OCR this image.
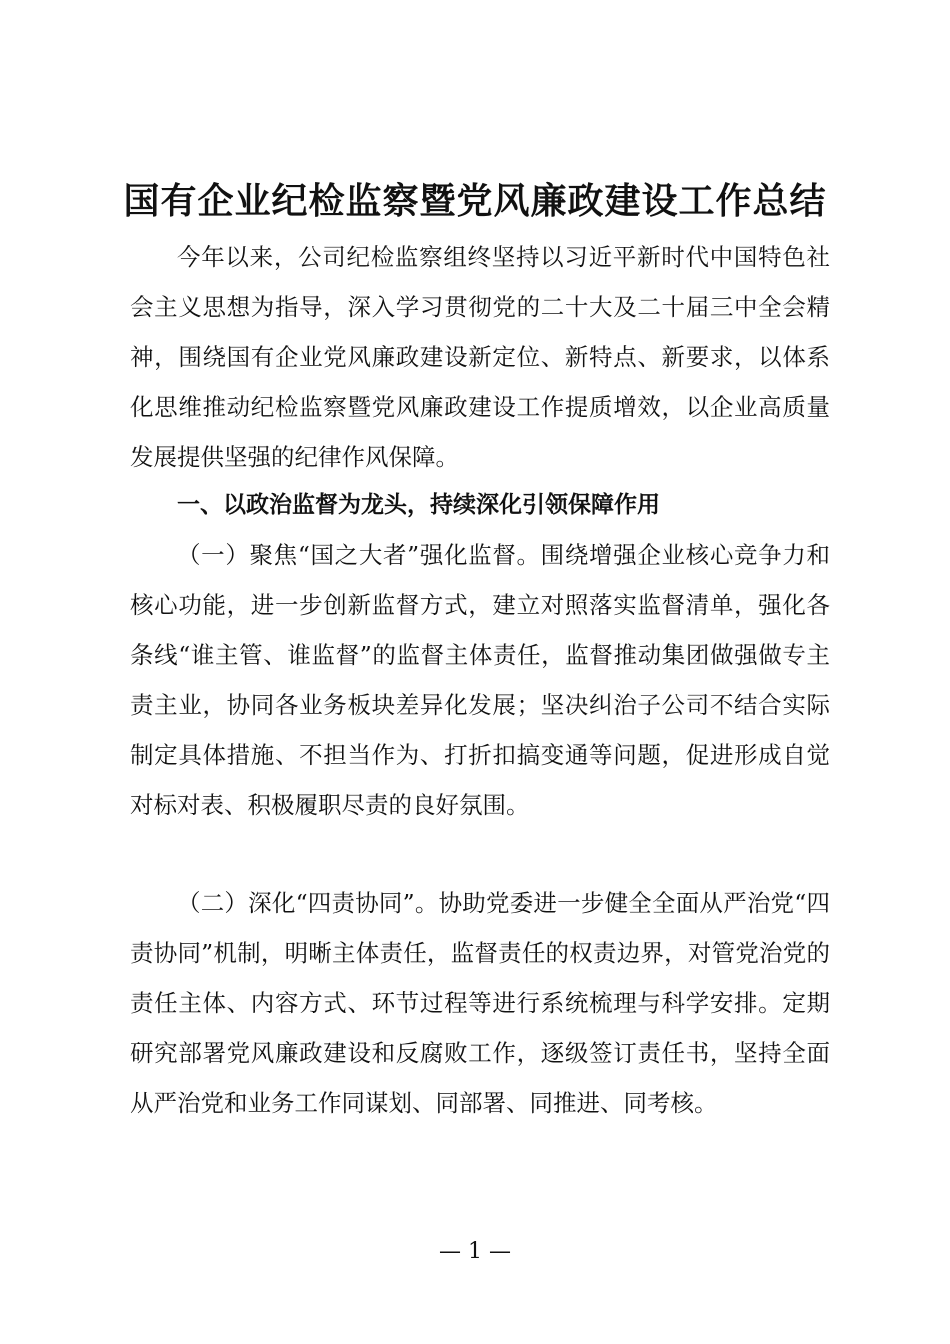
国有企业纪检监察暨党风廉政建设工作总结

今年以来，公司纪检监察组终坚持以习近平新时代中国特色社会主义思想为指导，深入学习贯彻党的二十大及二十届三中全会精神，围绕国有企业党风廉政建设新定位、新特点、新要求，以体系化思维推动纪检监察暨党风廉政建设工作提质增效，以企业高质量发展提供坚强的纪律作风保障。

一、以政治监督为龙头，持续深化引领保障作用

（一）聚焦“国之大者”强化监督。围绕增强企业核心竞争力和核心功能，进一步创新监督方式，建立对照落实监督清单，强化各条线“谁主管、谁监督”的监督主体责任，监督推动集团做强做专主责主业，协同各业务板块差异化发展；坚决纠治子公司不结合实际制定具体措施、不担当作为、打折扣搞变通等问题，促进形成自觉对标对表、积极履职尽责的良好氛围。

（二）深化“四责协同”。协助党委进一步健全全面从严治党“四责协同”机制，明晰主体责任，监督责任的权责边界，对管党治党的责任主体、内容方式、环节过程等进行系统梳理与科学安排。定期研究部署党风廉政建设和反腐败工作，逐级签订责任书，坚持全面从严治党和业务工作同谋划、同部署、同推进、同考核。

— 1 —
